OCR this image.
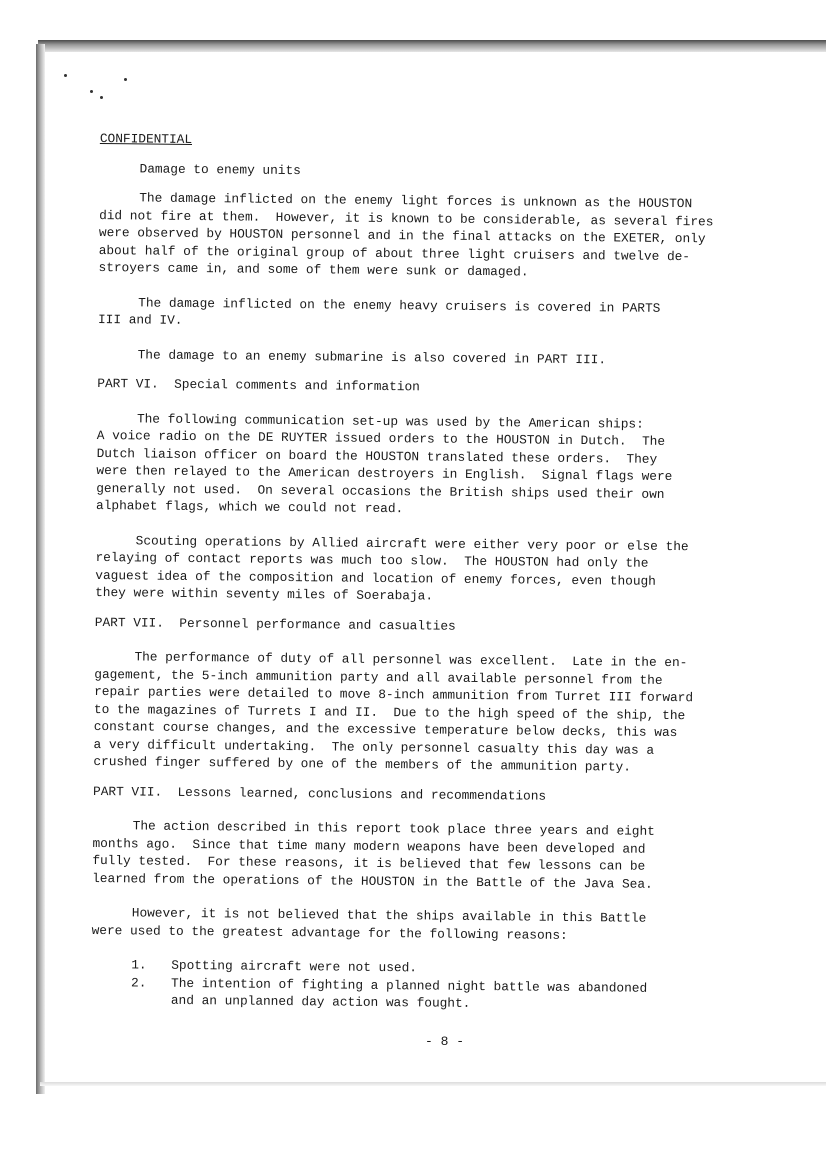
CONFIDENTIAL

Damage to enemy units

The damage inflicted on the enemy light forces is unknown as the HOUSTON

did not fire at them.  However, it is known to be considerable, as several fires

were observed by HOUSTON personnel and in the final attacks on the EXETER, only

about half of the original group of about three light cruisers and twelve de-

stroyers came in, and some of them were sunk or damaged.

The damage inflicted on the enemy heavy cruisers is covered in PARTS

III and IV.

The damage to an enemy submarine is also covered in PART III.

PART VI.  Special comments and information

The following communication set-up was used by the American ships:

A voice radio on the DE RUYTER issued orders to the HOUSTON in Dutch.  The

Dutch liaison officer on board the HOUSTON translated these orders.  They

were then relayed to the American destroyers in English.  Signal flags were

generally not used.  On several occasions the British ships used their own

alphabet flags, which we could not read.

Scouting operations by Allied aircraft were either very poor or else the

relaying of contact reports was much too slow.  The HOUSTON had only the

vaguest idea of the composition and location of enemy forces, even though

they were within seventy miles of Soerabaja.

PART VII.  Personnel performance and casualties

The performance of duty of all personnel was excellent.  Late in the en-

gagement, the 5-inch ammunition party and all available personnel from the

repair parties were detailed to move 8-inch ammunition from Turret III forward

to the magazines of Turrets I and II.  Due to the high speed of the ship, the

constant course changes, and the excessive temperature below decks, this was

a very difficult undertaking.  The only personnel casualty this day was a

crushed finger suffered by one of the members of the ammunition party.

PART VII.  Lessons learned, conclusions and recommendations

The action described in this report took place three years and eight

months ago.  Since that time many modern weapons have been developed and

fully tested.  For these reasons, it is believed that few lessons can be

learned from the operations of the HOUSTON in the Battle of the Java Sea.

However, it is not believed that the ships available in this Battle

were used to the greatest advantage for the following reasons:

1.	Spotting aircraft were not used.
2.	The intention of fighting a planned night battle was abandoned
and an unplanned day action was fought.
- 8 -
